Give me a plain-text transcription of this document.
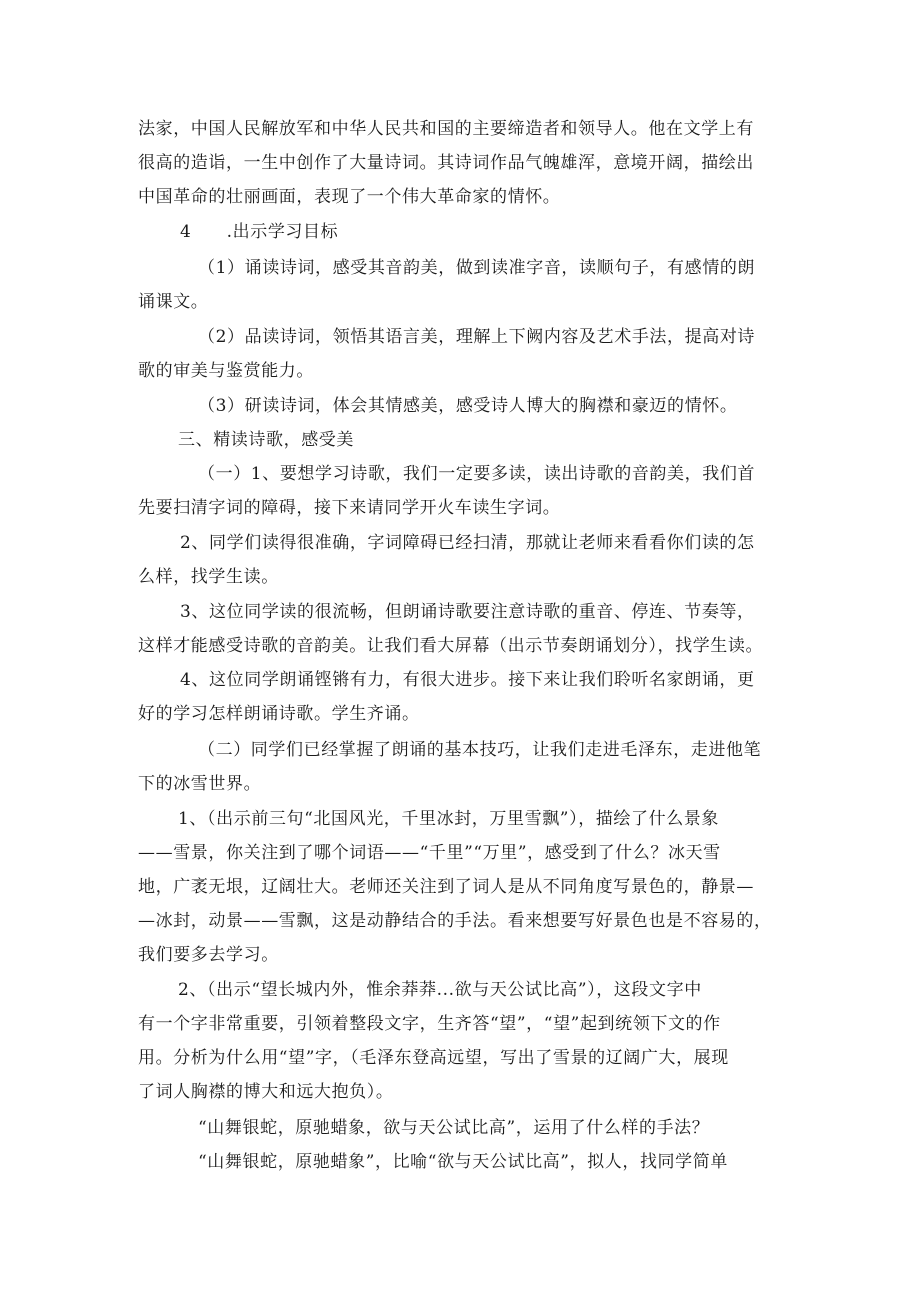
法家，中国人民解放军和中华人民共和国的主要缔造者和领导人。他在文学上有
很高的造诣，一生中创作了大量诗词。其诗词作品气魄雄浑，意境开阔，描绘出
中国革命的壮丽画面，表现了一个伟大革命家的情怀。
4　　.出示学习目标
（1）诵读诗词，感受其音韵美，做到读准字音，读顺句子，有感情的朗
诵课文。
（2）品读诗词，领悟其语言美，理解上下阙内容及艺术手法，提高对诗
歌的审美与鉴赏能力。
（3）研读诗词，体会其情感美，感受诗人博大的胸襟和豪迈的情怀。
三、精读诗歌，感受美
（一）1、要想学习诗歌，我们一定要多读，读出诗歌的音韵美，我们首
先要扫清字词的障碍，接下来请同学开火车读生字词。
2、同学们读得很准确，字词障碍已经扫清，那就让老师来看看你们读的怎
么样，找学生读。
3、这位同学读的很流畅，但朗诵诗歌要注意诗歌的重音、停连、节奏等，
这样才能感受诗歌的音韵美。让我们看大屏幕（出示节奏朗诵划分），找学生读。
4、这位同学朗诵铿锵有力，有很大进步。接下来让我们聆听名家朗诵，更
好的学习怎样朗诵诗歌。学生齐诵。
（二）同学们已经掌握了朗诵的基本技巧，让我们走进毛泽东，走进他笔
下的冰雪世界。
1、（出示前三句“北国风光，千里冰封，万里雪飘”），描绘了什么景象
——雪景，你关注到了哪个词语——“千里”“万里”，感受到了什么？冰天雪
地，广袤无垠，辽阔壮大。老师还关注到了词人是从不同角度写景色的，静景—
—冰封，动景——雪飘，这是动静结合的手法。看来想要写好景色也是不容易的，
我们要多去学习。
2、（出示“望长城内外，惟余莽莽...欲与天公试比高”），这段文字中
有一个字非常重要，引领着整段文字，生齐答“望”，“望”起到统领下文的作
用。分析为什么用“望”字，（毛泽东登高远望，写出了雪景的辽阔广大，展现
了词人胸襟的博大和远大抱负）。
“山舞银蛇，原驰蜡象，欲与天公试比高”，运用了什么样的手法？
“山舞银蛇，原驰蜡象”，比喻“欲与天公试比高”，拟人，找同学简单
